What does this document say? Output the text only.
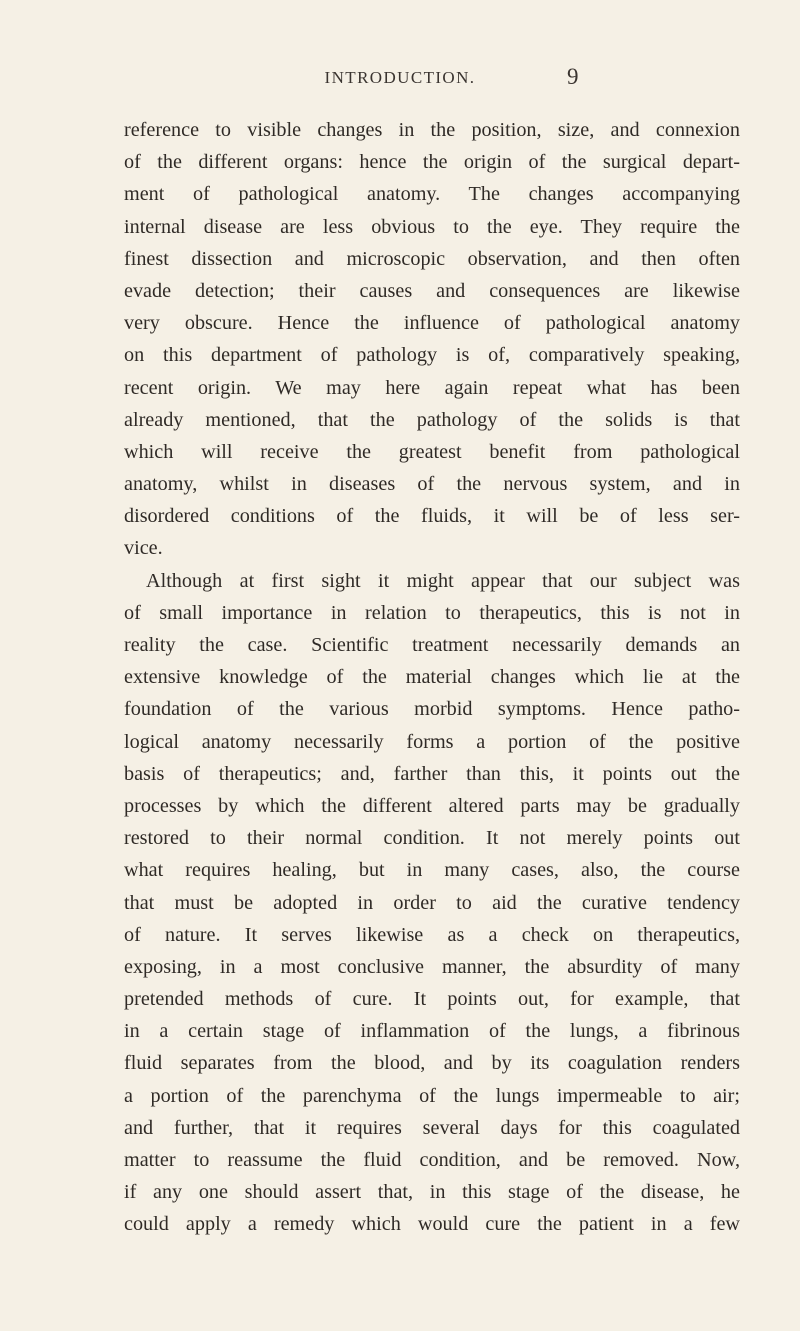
INTRODUCTION.	9
reference to visible changes in the position, size, and connexion
of the different organs: hence the origin of the surgical depart-
ment of pathological anatomy. The changes accompanying
internal disease are less obvious to the eye. They require the
finest dissection and microscopic observation, and then often
evade detection; their causes and consequences are likewise
very obscure. Hence the influence of pathological anatomy
on this department of pathology is of, comparatively speaking,
recent origin. We may here again repeat what has been
already mentioned, that the pathology of the solids is that
which will receive the greatest benefit from pathological
anatomy, whilst in diseases of the nervous system, and in
disordered conditions of the fluids, it will be of less ser-
vice.
Although at first sight it might appear that our subject was
of small importance in relation to therapeutics, this is not in
reality the case. Scientific treatment necessarily demands an
extensive knowledge of the material changes which lie at the
foundation of the various morbid symptoms. Hence patho-
logical anatomy necessarily forms a portion of the positive
basis of therapeutics; and, farther than this, it points out the
processes by which the different altered parts may be gradually
restored to their normal condition. It not merely points out
what requires healing, but in many cases, also, the course
that must be adopted in order to aid the curative tendency
of nature. It serves likewise as a check on therapeutics,
exposing, in a most conclusive manner, the absurdity of many
pretended methods of cure. It points out, for example, that
in a certain stage of inflammation of the lungs, a fibrinous
fluid separates from the blood, and by its coagulation renders
a portion of the parenchyma of the lungs impermeable to air;
and further, that it requires several days for this coagulated
matter to reassume the fluid condition, and be removed. Now,
if any one should assert that, in this stage of the disease, he
could apply a remedy which would cure the patient in a few
